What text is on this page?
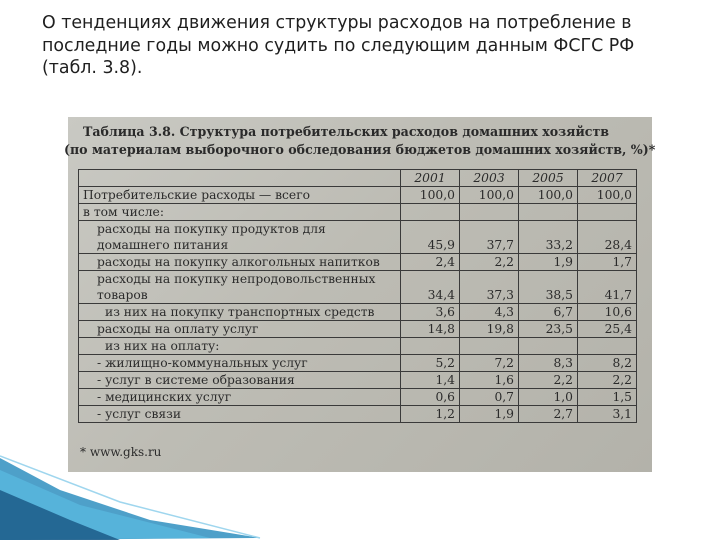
О тенденциях движения структуры расходов на потребление в последние годы можно судить по следующим данным ФСГС РФ (табл. 3.8).

Таблица 3.8. Структура потребительских расходов домашних хозяйств
(по материалам выборочного обследования бюджетов домашних хозяйств, %)*
	2001	2003	2005	2007
Потребительские расходы — всего	100,0	100,0	100,0	100,0
в том числе:				
расходы на покупку продуктов для домашнего питания	45,9	37,7	33,2	28,4
расходы на покупку алкогольных напитков	2,4	2,2	1,9	1,7
расходы на покупку непродовольственных товаров	34,4	37,3	38,5	41,7
из них на покупку транспортных средств	3,6	4,3	6,7	10,6
расходы на оплату услуг	14,8	19,8	23,5	25,4
из них на оплату:				
- жилищно-коммунальных услуг	5,2	7,2	8,3	8,2
- услуг в системе образования	1,4	1,6	2,2	2,2
- медицинских услуг	0,6	0,7	1,0	1,5
- услуг связи	1,2	1,9	2,7	3,1
* www.gks.ru
